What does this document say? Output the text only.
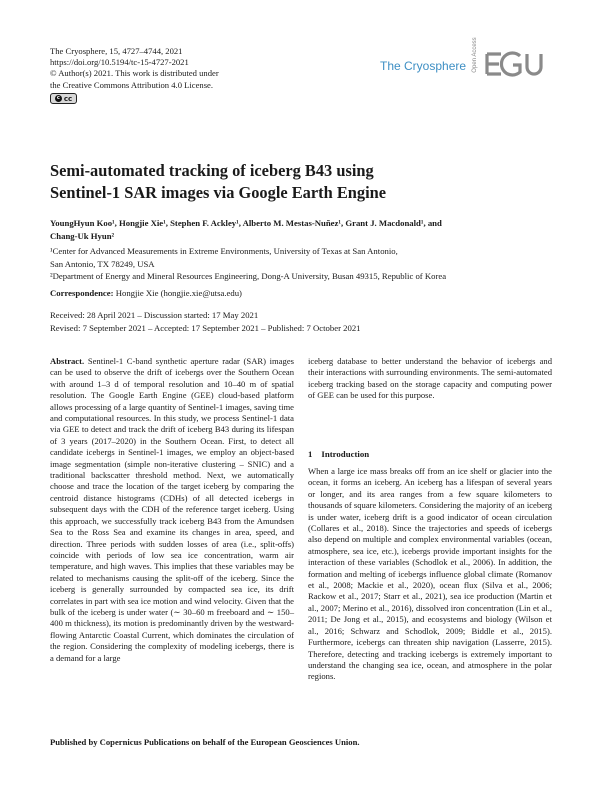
The Cryosphere, 15, 4727–4744, 2021
https://doi.org/10.5194/tc-15-4727-2021
© Author(s) 2021. This work is distributed under
the Creative Commons Attribution 4.0 License.
c cc
The Cryosphere Open Access	EGU
Semi-automated tracking of iceberg B43 using
Sentinel-1 SAR images via Google Earth Engine
YoungHyun Koo¹, Hongjie Xie¹, Stephen F. Ackley¹, Alberto M. Mestas-Nuñez¹, Grant J. Macdonald¹, and
Chang-Uk Hyun²
¹Center for Advanced Measurements in Extreme Environments, University of Texas at San Antonio,
San Antonio, TX 78249, USA
²Department of Energy and Mineral Resources Engineering, Dong-A University, Busan 49315, Republic of Korea
Correspondence: Hongjie Xie (hongjie.xie@utsa.edu)
Received: 28 April 2021 – Discussion started: 17 May 2021
Revised: 7 September 2021 – Accepted: 17 September 2021 – Published: 7 October 2021
Abstract. Sentinel-1 C-band synthetic aperture radar (SAR) images can be used to observe the drift of icebergs over the Southern Ocean with around 1–3 d of temporal resolution and 10–40 m of spatial resolution. The Google Earth Engine (GEE) cloud-based platform allows processing of a large quantity of Sentinel-1 images, saving time and computational resources. In this study, we process Sentinel-1 data via GEE to detect and track the drift of iceberg B43 during its lifespan of 3 years (2017–2020) in the Southern Ocean. First, to detect all candidate icebergs in Sentinel-1 images, we employ an object-based image segmentation (simple non-iterative clustering – SNIC) and a traditional backscatter threshold method. Next, we automatically choose and trace the location of the target iceberg by comparing the centroid distance histograms (CDHs) of all detected icebergs in subsequent days with the CDH of the reference target iceberg. Using this approach, we successfully track iceberg B43 from the Amundsen Sea to the Ross Sea and examine its changes in area, speed, and direction. Three periods with sudden losses of area (i.e., split-offs) coincide with periods of low sea ice concentration, warm air temperature, and high waves. This implies that these variables may be related to mechanisms causing the split-off of the iceberg. Since the iceberg is generally surrounded by compacted sea ice, its drift correlates in part with sea ice motion and wind velocity. Given that the bulk of the iceberg is under water (∼ 30–60 m freeboard and ∼ 150–400 m thickness), its motion is predominantly driven by the westward-flowing Antarctic Coastal Current, which dominates the circulation of the region. Considering the complexity of modeling icebergs, there is a demand for a large
iceberg database to better understand the behavior of icebergs and their interactions with surrounding environments. The semi-automated iceberg tracking based on the storage capacity and computing power of GEE can be used for this purpose.
1 Introduction
When a large ice mass breaks off from an ice shelf or glacier into the ocean, it forms an iceberg. An iceberg has a lifespan of several years or longer, and its area ranges from a few square kilometers to thousands of square kilometers. Considering the majority of an iceberg is under water, iceberg drift is a good indicator of ocean circulation (Collares et al., 2018). Since the trajectories and speeds of icebergs also depend on multiple and complex environmental variables (ocean, atmosphere, sea ice, etc.), icebergs provide important insights for the interaction of these variables (Schodlok et al., 2006). In addition, the formation and melting of icebergs influence global climate (Romanov et al., 2008; Mackie et al., 2020), ocean flux (Silva et al., 2006; Rackow et al., 2017; Starr et al., 2021), sea ice production (Martin et al., 2007; Merino et al., 2016), dissolved iron concentration (Lin et al., 2011; De Jong et al., 2015), and ecosystems and biology (Wilson et al., 2016; Schwarz and Schodlok, 2009; Biddle et al., 2015). Furthermore, icebergs can threaten ship navigation (Lasserre, 2015). Therefore, detecting and tracking icebergs is extremely important to understand the changing sea ice, ocean, and atmosphere in the polar regions.
Published by Copernicus Publications on behalf of the European Geosciences Union.
